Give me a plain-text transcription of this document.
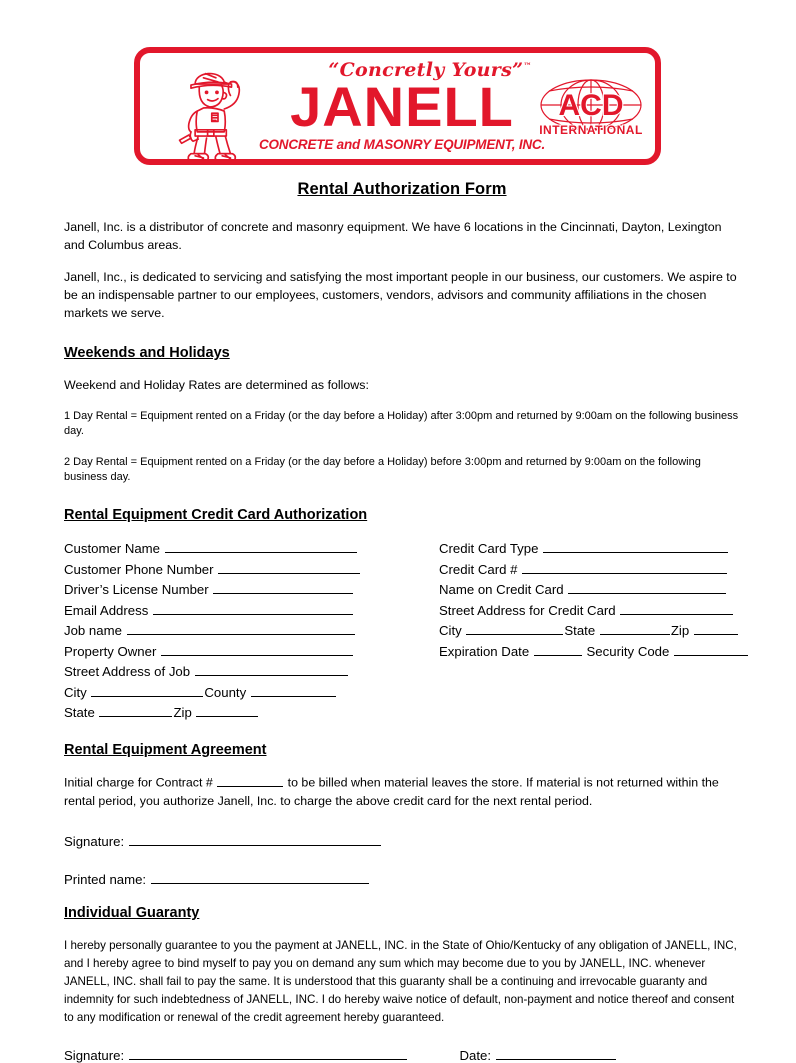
“Concretly Yours”™
JANELL
CONCRETE and MASONRY EQUIPMENT, INC.
ACD
INTERNATIONAL
Rental Authorization Form

Janell, Inc. is a distributor of concrete and masonry equipment. We have 6 locations in the Cincinnati, Dayton, Lexington and Columbus areas.

Janell, Inc., is dedicated to servicing and satisfying the most important people in our business, our customers. We aspire to be an indispensable partner to our employees, customers, vendors, advisors and community affiliations in the chosen markets we serve.

Weekends and Holidays

Weekend and Holiday Rates are determined as follows:

1 Day Rental = Equipment rented on a Friday (or the day before a Holiday) after 3:00pm and returned by 9:00am on the following business day.

2 Day Rental = Equipment rented on a Friday (or the day before a Holiday) before 3:00pm and returned by 9:00am on the following business day.

Rental Equipment Credit Card Authorization
Customer Name
Customer Phone Number
Driver’s License Number
Email Address
Job name
Property Owner
Street Address of Job
City	County
State	Zip
Credit Card Type
Credit Card #
Name on Credit Card
Street Address for Credit Card
City	State	Zip
Expiration Date	Security Code
Rental Equipment Agreement

Initial charge for Contract #	to be billed when material leaves the store. If material is not returned within the rental period, you authorize Janell, Inc. to charge the above credit card for the next rental period.

Signature:
Printed name:
Individual Guaranty

I hereby personally guarantee to you the payment at JANELL, INC. in the State of Ohio/Kentucky of any obligation of JANELL, INC, and I hereby agree to bind myself to pay you on demand any sum which may become due to you by JANELL, INC. whenever JANELL, INC. shall fail to pay the same. It is understood that this guaranty shall be a continuing and irrevocable guaranty and indemnity for such indebtedness of JANELL, INC. I do hereby waive notice of default, non-payment and notice thereof and consent to any modification or renewal of the credit agreement hereby guaranteed.

Signature:	Date:
